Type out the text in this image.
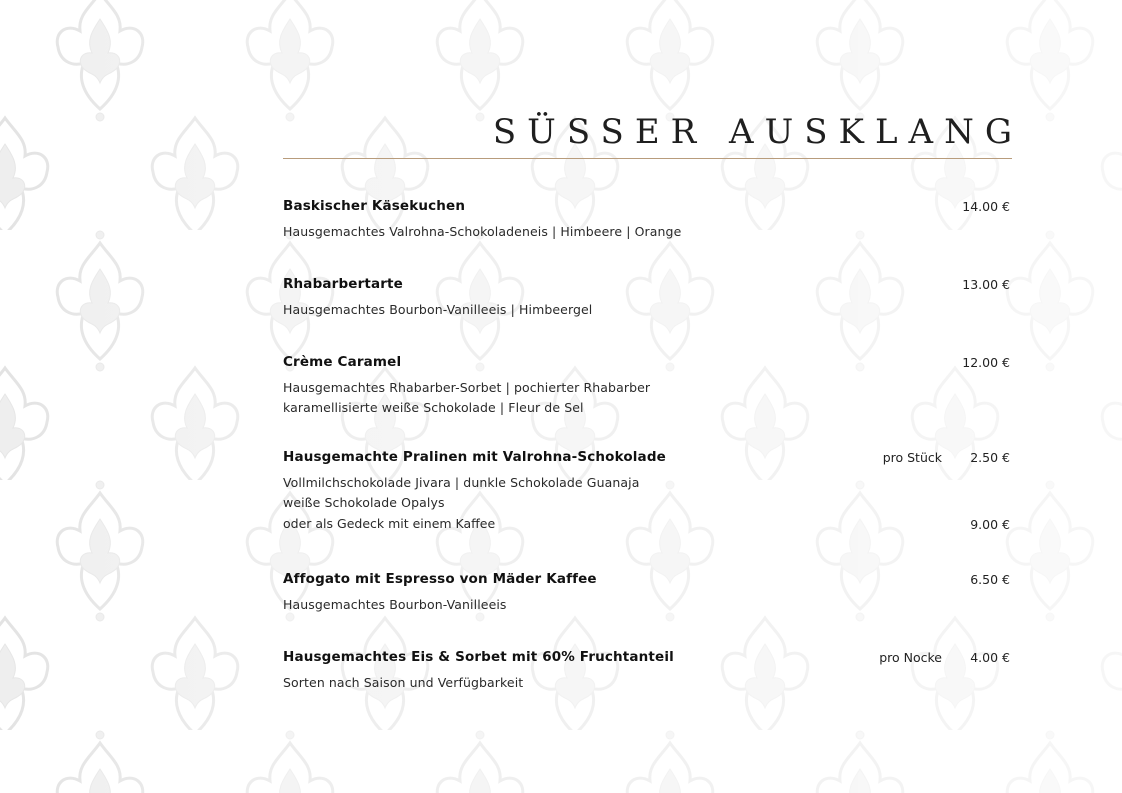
SÜSSER AUSKLANG
Baskischer Käsekuchen	14.00 €
Hausgemachtes Valrohna-Schokoladeneis | Himbeere | Orange
Rhabarbertarte	13.00 €
Hausgemachtes Bourbon-Vanilleeis | Himbeergel
Crème Caramel	12.00 €
Hausgemachtes Rhabarber-Sorbet | pochierter Rhabarber
karamellisierte weiße Schokolade | Fleur de Sel
Hausgemachte Pralinen mit Valrohna-Schokolade	pro Stück 2.50 €
Vollmilchschokolade Jivara | dunkle Schokolade Guanaja
weiße Schokolade Opalys
oder als Gedeck mit einem Kaffee	9.00 €
Affogato mit Espresso von Mäder Kaffee	6.50 €
Hausgemachtes Bourbon-Vanilleeis
Hausgemachtes Eis & Sorbet mit 60% Fruchtanteil	pro Nocke 4.00 €
Sorten nach Saison und Verfügbarkeit
